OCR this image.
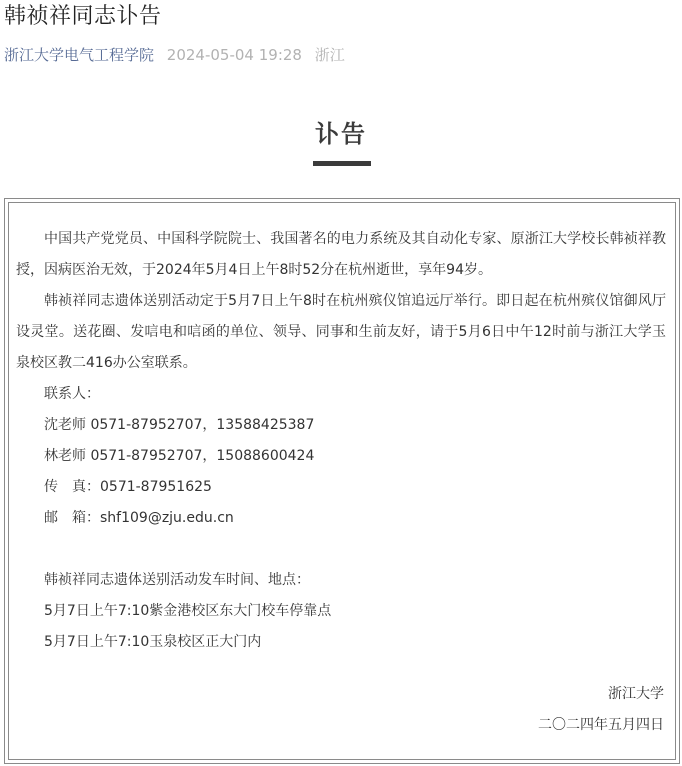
韩祯祥同志讣告
浙江大学电气工程学院 2024-05-04 19:28 浙江
讣告

中国共产党党员、中国科学院院士、我国著名的电力系统及其自动化专家、原浙江大学校长韩祯祥教授，因病医治无效，于2024年5月4日上午8时52分在杭州逝世，享年94岁。

韩祯祥同志遗体送别活动定于5月7日上午8时在杭州殡仪馆追远厅举行。即日起在杭州殡仪馆御风厅设灵堂。送花圈、发唁电和唁函的单位、领导、同事和生前友好，请于5月6日中午12时前与浙江大学玉泉校区教二416办公室联系。

联系人：

沈老师 0571-87952707，13588425387

林老师 0571-87952707，15088600424

传　真：0571-87951625

邮　箱：shf109@zju.edu.cn

韩祯祥同志遗体送别活动发车时间、地点：

5月7日上午7:10紫金港校区东大门校车停靠点

5月7日上午7:10玉泉校区正大门内

浙江大学
二〇二四年五月四日
